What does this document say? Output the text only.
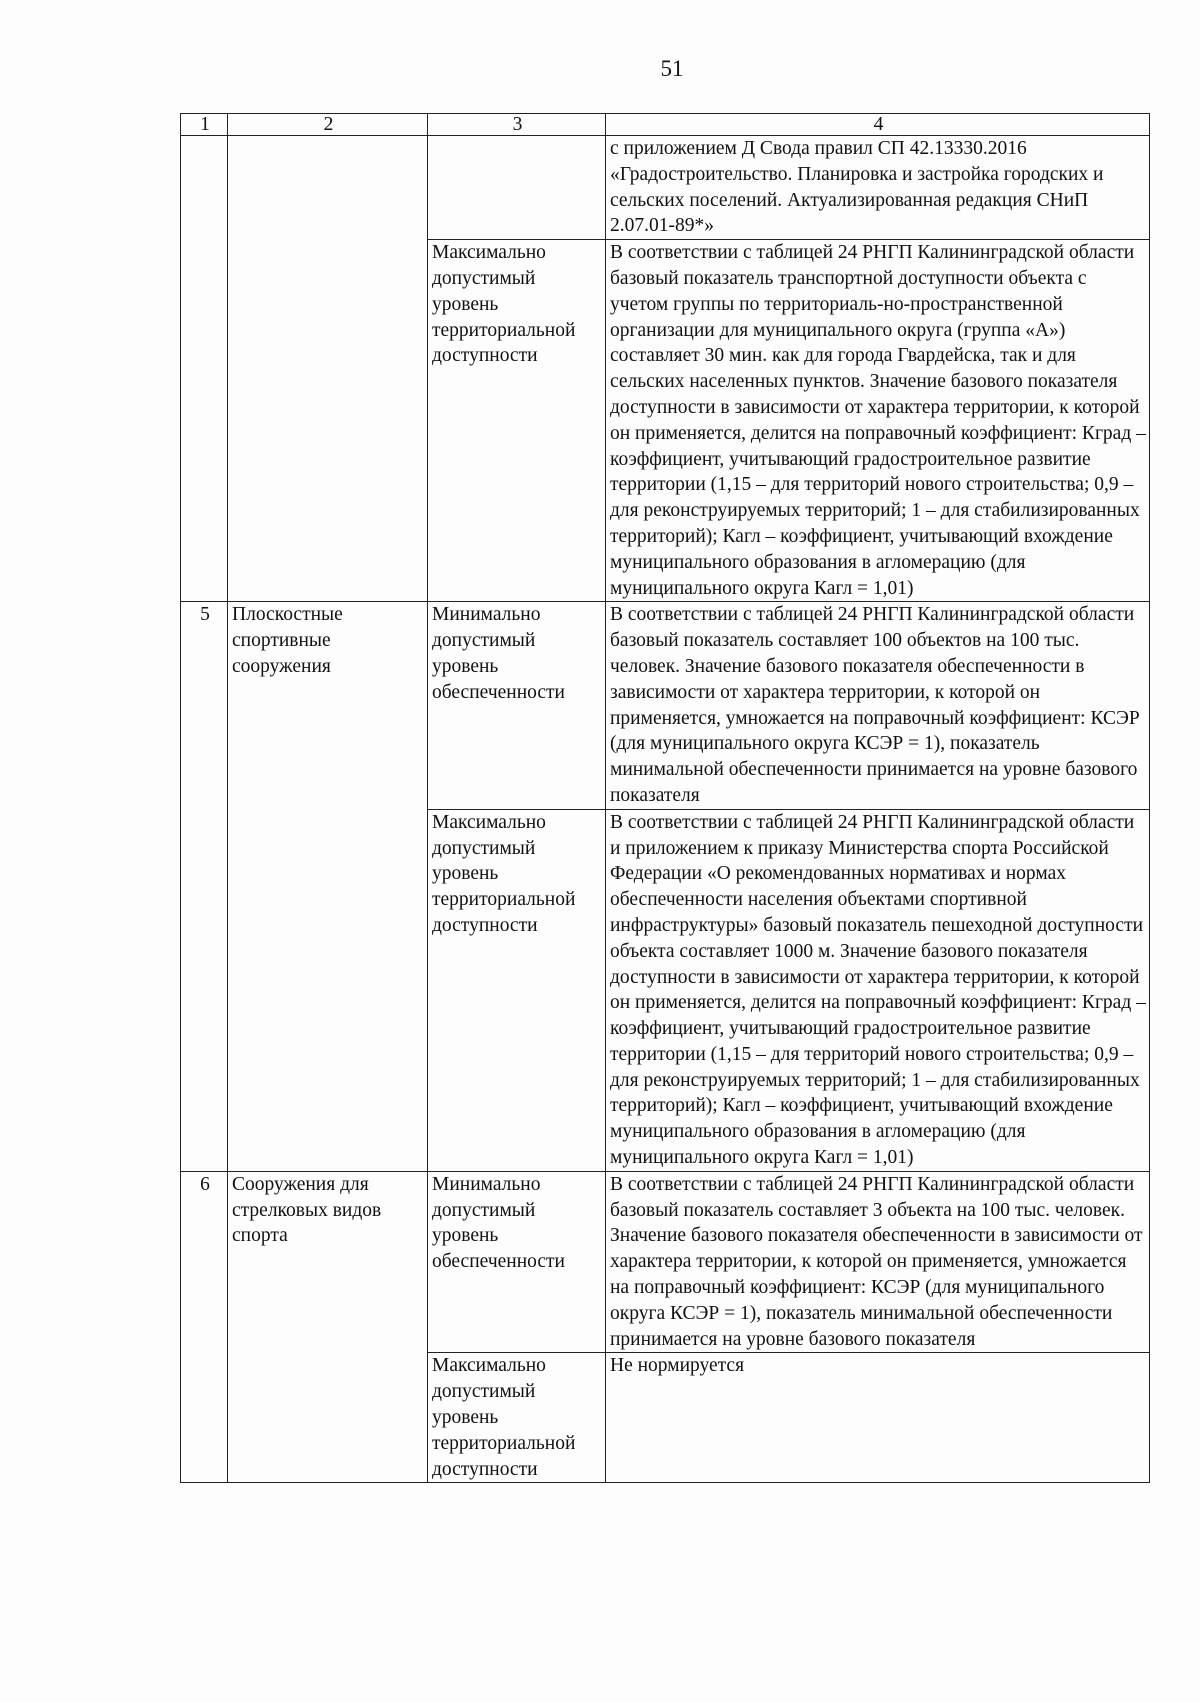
51
1	2	3	4
			с приложением Д Свода правил СП 42.13330.2016 «Градостроительство. Планировка и застройка городских и сельских поселений. Актуализированная редакция СНиП 2.07.01-89*»
		Максимально допустимый уровень территориальной доступности	В соответствии с таблицей 24 РНГП Калининградской области базовый показатель транспортной доступности объекта с учетом группы по территориаль-но-пространственной организации для муниципального округа (группа «А») составляет 30 мин. как для города Гвардейска, так и для сельских населенных пунктов. Значение базового показателя доступности в зависимости от характера территории, к которой он применяется, делится на поправочный коэффициент: Кград – коэффициент, учитывающий градостроительное развитие территории (1,15 – для территорий нового строительства; 0,9 – для реконструируемых территорий; 1 – для стабилизированных территорий); Кагл – коэффициент, учитывающий вхождение муниципального образования в агломерацию (для муниципального округа Кагл = 1,01)
5	Плоскостные спортивные сооружения	Минимально допустимый уровень обеспеченности	В соответствии с таблицей 24 РНГП Калининградской области базовый показатель составляет 100 объектов на 100 тыс. человек. Значение базового показателя обеспеченности в зависимости от характера территории, к которой он применяется, умножается на поправочный коэффициент: КСЭР (для муниципального округа КСЭР = 1), показатель минимальной обеспеченности принимается на уровне базового показателя
		Максимально допустимый уровень территориальной доступности	В соответствии с таблицей 24 РНГП Калининградской области и приложением к приказу Министерства спорта Российской Федерации «О рекомендованных нормативах и нормах обеспеченности населения объектами спортивной инфраструктуры» базовый показатель пешеходной доступности объекта составляет 1000 м. Значение базового показателя доступности в зависимости от характера территории, к которой он применяется, делится на поправочный коэффициент: Кград – коэффициент, учитывающий градостроительное развитие территории (1,15 – для территорий нового строительства; 0,9 – для реконструируемых территорий; 1 – для стабилизированных территорий); Кагл – коэффициент, учитывающий вхождение муниципального образования в агломерацию (для муниципального округа Кагл = 1,01)
6	Сооружения для стрелковых видов спорта	Минимально допустимый уровень обеспеченности	В соответствии с таблицей 24 РНГП Калининградской области базовый показатель составляет 3 объекта на 100 тыс. человек. Значение базового показателя обеспеченности в зависимости от характера территории, к которой он применяется, умножается на поправочный коэффициент: КСЭР (для муниципального округа КСЭР = 1), показатель минимальной обеспеченности принимается на уровне базового показателя
		Максимально допустимый уровень территориальной доступности	Не нормируется
